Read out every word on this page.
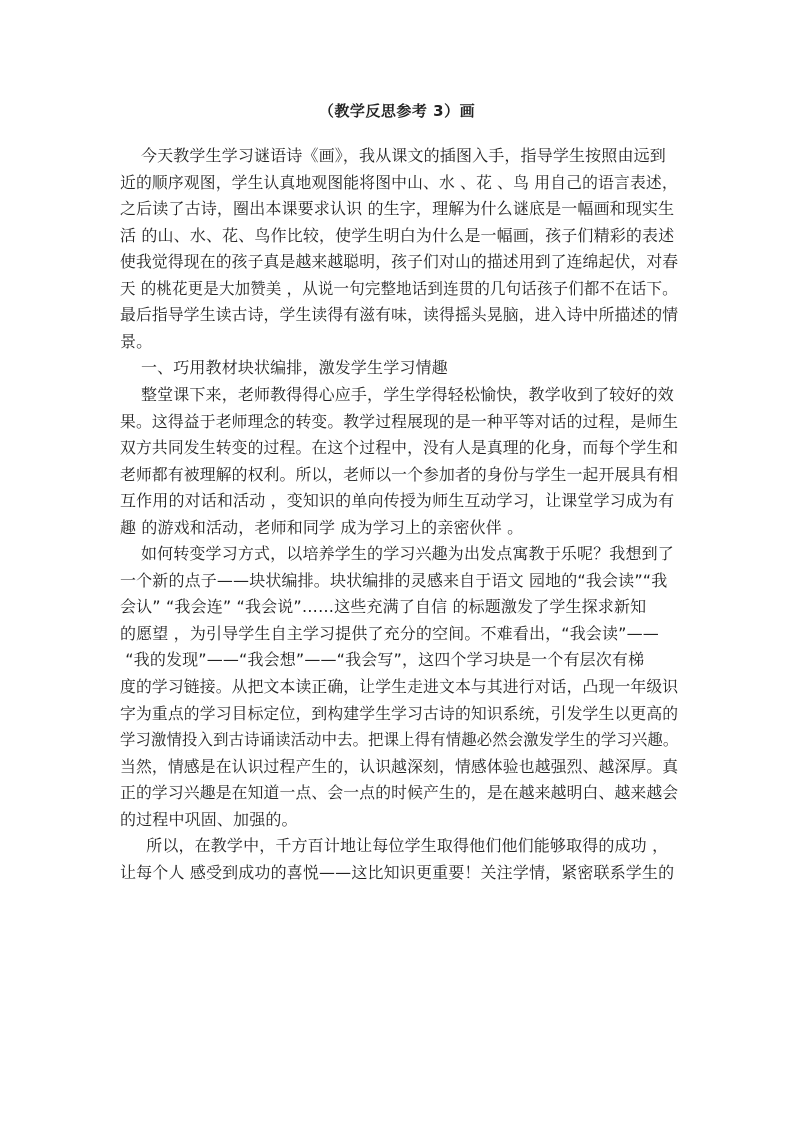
（教学反思参考 3）画
今天教学生学习谜语诗《画》，我从课文的插图入手，指导学生按照由远到
近的顺序观图，学生认真地观图能将图中山、水 、花 、鸟 用自己的语言表述，
之后读了古诗，圈出本课要求认识 的生字，理解为什么谜底是一幅画和现实生
活 的山、水、花、鸟作比较，使学生明白为什么是一幅画，孩子们精彩的表述
使我觉得现在的孩子真是越来越聪明，孩子们对山的描述用到了连绵起伏，对春
天 的桃花更是大加赞美 ，从说一句完整地话到连贯的几句话孩子们都不在话下。
最后指导学生读古诗，学生读得有滋有味，读得摇头晃脑，进入诗中所描述的情
景。
一、巧用教材块状编排，激发学生学习情趣
整堂课下来，老师教得得心应手，学生学得轻松愉快，教学收到了较好的效
果。这得益于老师理念的转变。教学过程展现的是一种平等对话的过程，是师生
双方共同发生转变的过程。在这个过程中，没有人是真理的化身，而每个学生和
老师都有被理解的权利。所以，老师以一个参加者的身份与学生一起开展具有相
互作用的对话和活动 ，变知识的单向传授为师生互动学习，让课堂学习成为有
趣 的游戏和活动，老师和同学 成为学习上的亲密伙伴 。
如何转变学习方式，以培养学生的学习兴趣为出发点寓教于乐呢？我想到了
一个新的点子——块状编排。块状编排的灵感来自于语文 园地的“我会读”“我
会认” “我会连” “我会说”……这些充满了自信 的标题激发了学生探求新知
的愿望 ，为引导学生自主学习提供了充分的空间。不难看出，“我会读”——
“我的发现”——“我会想”——“我会写”，这四个学习块是一个有层次有梯
度的学习链接。从把文本读正确，让学生走进文本与其进行对话，凸现一年级识
字为重点的学习目标定位，到构建学生学习古诗的知识系统，引发学生以更高的
学习激情投入到古诗诵读活动中去。把课上得有情趣必然会激发学生的学习兴趣。
当然，情感是在认识过程产生的，认识越深刻，情感体验也越强烈、越深厚。真
正的学习兴趣是在知道一点、会一点的时候产生的，是在越来越明白、越来越会
的过程中巩固、加强的。
所以，在教学中，千方百计地让每位学生取得他们他们能够取得的成功 ，
让每个人 感受到成功的喜悦——这比知识更重要！关注学情，紧密联系学生的
